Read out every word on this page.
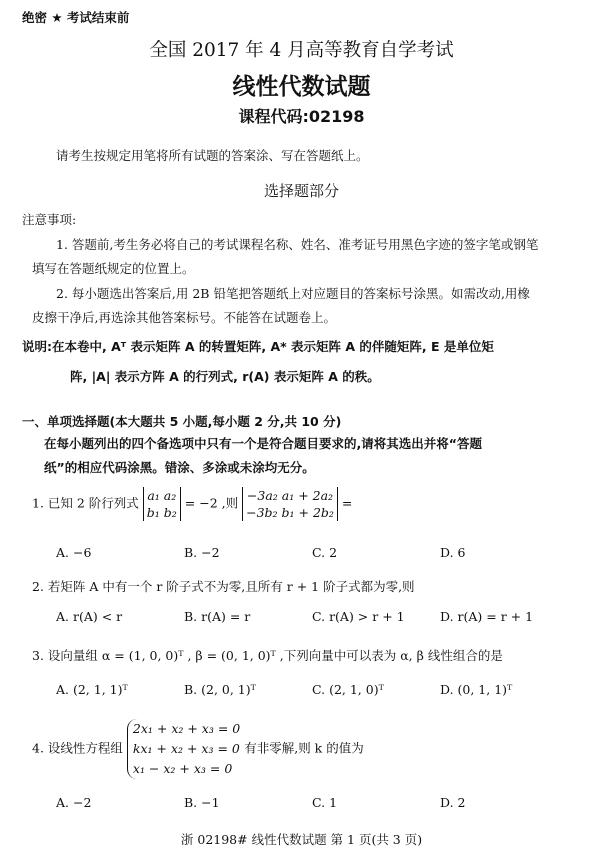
绝密 ★ 考试结束前
全国 2017 年 4 月高等教育自学考试
线性代数试题
课程代码:02198
请考生按规定用笔将所有试题的答案涂、写在答题纸上。
选择题部分
注意事项:
1. 答题前,考生务必将自己的考试课程名称、姓名、准考证号用黑色字迹的签字笔或钢笔
填写在答题纸规定的位置上。
2. 每小题选出答案后,用 2B 铅笔把答题纸上对应题目的答案标号涂黑。如需改动,用橡
皮擦干净后,再选涂其他答案标号。不能答在试题卷上。
说明:在本卷中, Aᵀ 表示矩阵 A 的转置矩阵, A* 表示矩阵 A 的伴随矩阵, E 是单位矩
阵, |A| 表示方阵 A 的行列式, r(A) 表示矩阵 A 的秩。
一、单项选择题(本大题共 5 小题,每小题 2 分,共 10 分)
在每小题列出的四个备选项中只有一个是符合题目要求的,请将其选出并将“答题
纸”的相应代码涂黑。错涂、多涂或未涂均无分。
1. 已知 2 阶行列式 a₁ a₂
b₁ b₂ = −2 ,则 −3a₂ a₁ + 2a₂
−3b₂ b₁ + 2b₂ =
A. −6	B. −2	C. 2	D. 6
2. 若矩阵 A 中有一个 r 阶子式不为零,且所有 r + 1 阶子式都为零,则
A. r(A) < r	B. r(A) = r	C. r(A) > r + 1	D. r(A) = r + 1
3. 设向量组 α = (1, 0, 0)ᵀ , β = (0, 1, 0)ᵀ ,下列向量中可以表为 α, β 线性组合的是
A. (2, 1, 1)ᵀ	B. (2, 0, 1)ᵀ	C. (2, 1, 0)ᵀ	D. (0, 1, 1)ᵀ
4. 设线性方程组 2x₁ + x₂ + x₃ = 0
kx₁ + x₂ + x₃ = 0
x₁ − x₂ + x₃ = 0 有非零解,则 k 的值为
A. −2	B. −1	C. 1	D. 2
浙 02198# 线性代数试题 第 1 页(共 3 页)
